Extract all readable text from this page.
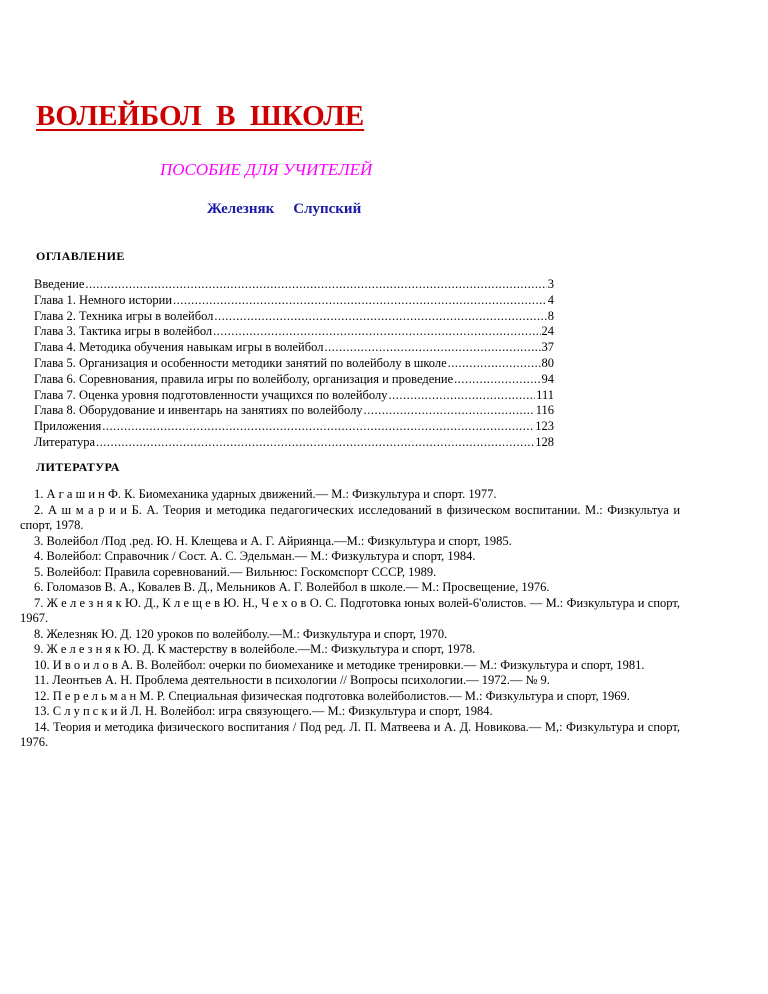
ВОЛЕЙБОЛ  В  ШКОЛЕ
ПОСОБИЕ ДЛЯ УЧИТЕЛЕЙ

Железняк Слупский

ОГЛАВЛЕНИЕ
Введение .....	3
Глава 1. Немного истории .....	4
Глава 2. Техника игры в волейбол .....	8
Глава 3. Тактика игры в волейбол .....	24
Глава 4. Методика обучения навыкам игры в волейбол .....	37
Глава 5. Организация и особенности методики занятий по волейболу в школе .....	80
Глава 6. Соревнования, правила игры по волейболу, организация и проведение .....	94
Глава 7. Оценка уровня подготовленности учащихся по волейболу .....	111
Глава 8. Оборудование и инвентарь на занятиях по волейболу .....	116
Приложения .....	123
Литература .....	128
ЛИТЕРАТУРА
1. А г а ш и н Ф. К. Биомеханика ударных движений.— М.: Физкультура и спорт. 1977.
2. А ш м а р и и Б. А. Теория и методика педагогических исследований в физическом воспитании. М.: Физкультуа и спорт, 1978.
3. Волейбол /Под .ред. Ю. Н. Клещева и А. Г. Айриянца.—М.: Физкультура и спорт, 1985.
4. Волейбол: Справочник / Сост. А. С. Эдельман.— М.: Физкультура и спорт, 1984.
5. Волейбол: Правила соревнований.— Вильнюс: Госкомспорт СССР, 1989.
6. Голомазов В. А., Ковалев В. Д., Мельников А. Г. Волейбол в школе.— М.: Просвещение, 1976.
7. Ж е л е з н я к Ю. Д., К л е щ е в Ю. Н., Ч е х о в О. С. Подготовка юных волей-6'олистов. — М.: Физкультура и спорт, 1967.
8. Железняк Ю. Д. 120 уроков по волейболу.—М.: Физкультура и спорт, 1970.
9. Ж е л е з н я к Ю. Д. К мастерству в волейболе.—М.: Физкультура и спорт, 1978.
10. И в о и л о в А. В. Волейбол: очерки по биомеханике и методике тренировки.— М.: Физкультура и спорт, 1981.
11. Леонтьев А. Н. Проблема деятельности в психологии // Вопросы психологии.— 1972.— № 9.
12. П е р е л ь м а н М. Р. Специальная физическая подготовка волейболистов.— М.: Физкультура и спорт, 1969.
13. С л у п с к и й Л. Н. Волейбол: игра связующего.— М.: Физкультура и спорт, 1984.
14. Теория и методика физического воспитания / Под ред. Л. П. Матвеева и А. Д. Новикова.— М,: Физкультура и спорт, 1976.
